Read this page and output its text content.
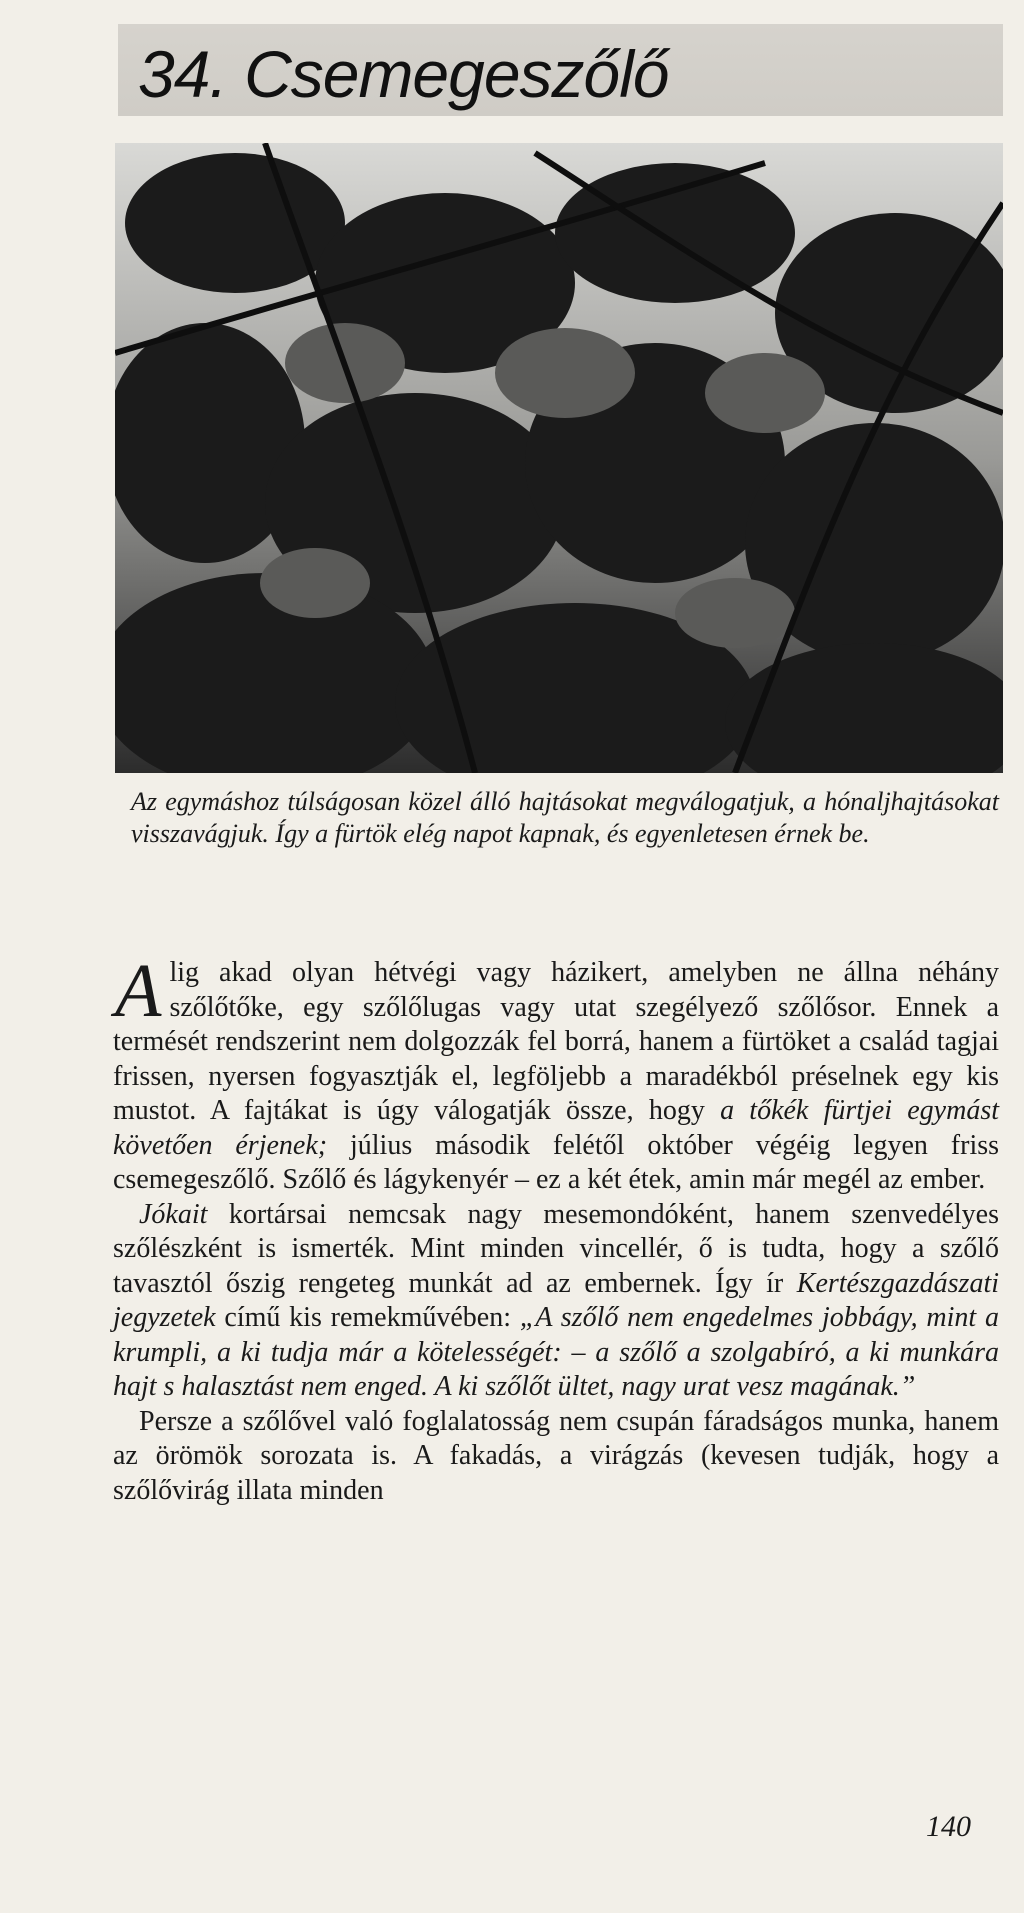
34. Csemegeszőlő
Az egymáshoz túlságosan közel álló hajtásokat megválogatjuk, a hónaljhajtásokat visszavágjuk. Így a fürtök elég napot kapnak, és egyenletesen érnek be.

Alig akad olyan hétvégi vagy házikert, amelyben ne állna néhány szőlőtőke, egy szőlőlugas vagy utat szegélyező szőlősor. Ennek a termését rendszerint nem dolgozzák fel borrá, hanem a fürtöket a család tagjai frissen, nyersen fogyasztják el, legföljebb a maradékból préselnek egy kis mustot. A fajtákat is úgy válogatják össze, hogy a tőkék fürtjei egymást követően érjenek; július második felétől október végéig legyen friss csemegeszőlő. Szőlő és lágykenyér – ez a két étek, amin már megél az ember.

Jókait kortársai nemcsak nagy mesemondóként, hanem szenvedélyes szőlészként is ismerték. Mint minden vincellér, ő is tudta, hogy a szőlő tavasztól őszig rengeteg munkát ad az embernek. Így ír Kertészgazdászati jegyzetek című kis remekművében: „A szőlő nem engedelmes jobbágy, mint a krumpli, a ki tudja már a kötelességét: – a szőlő a szolgabíró, a ki munkára hajt s halasztást nem enged. A ki szőlőt ültet, nagy urat vesz magának.”

Persze a szőlővel való foglalatosság nem csupán fáradságos munka, hanem az örömök sorozata is. A fakadás, a virágzás (kevesen tudják, hogy a szőlővirág illata minden

140
